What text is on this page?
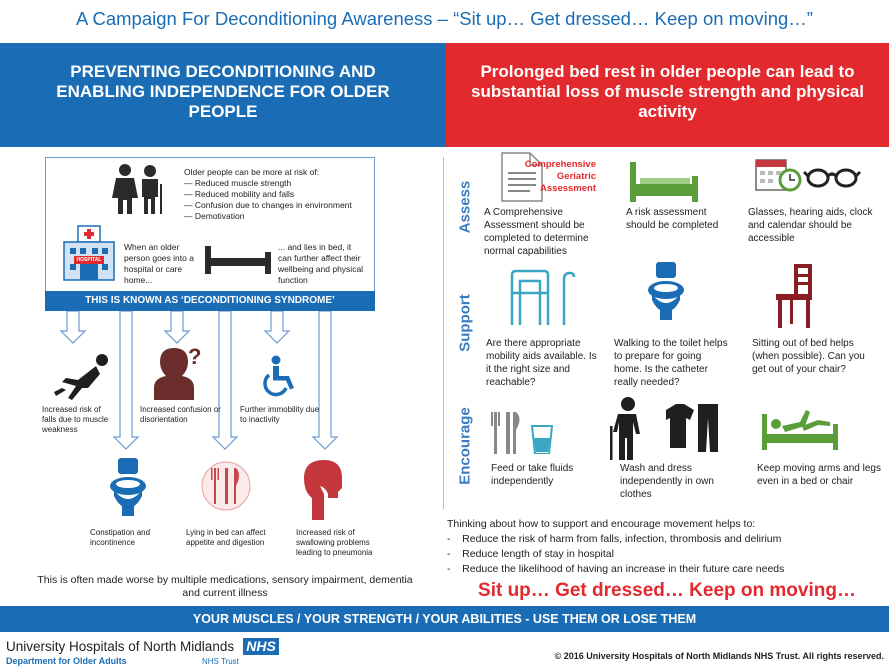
A Campaign For Deconditioning Awareness – “Sit up… Get dressed… Keep on moving…”
PREVENTING DECONDITIONING AND ENABLING INDEPENDENCE FOR OLDER PEOPLE
Prolonged bed rest in older people can lead to substantial loss of muscle strength and physical activity
Older people can be more at risk of:
— Reduced muscle strength
— Reduced mobility and falls
— Confusion due to changes in environment
— Demotivation
HOSPITAL
When an older person goes into a hospital or care home...
... and lies in bed, it can further affect their wellbeing and physical function
THIS IS KNOWN AS ‘DECONDITIONING SYNDROME’
Increased risk of falls due to muscle weakness
?
Increased confusion or disorientation
Further immobility due to inactivity
Constipation and incontinence
Lying in bed can affect appetite and digestion
Increased risk of swallowing problems leading to pneumonia
This is often made worse by multiple medications, sensory impairment, dementia and current illness
Assess
Support
Encourage
Comprehensive Geriatric Assessment
A Comprehensive Assessment should be completed to determine normal capabilities
A risk assessment should be completed
Glasses, hearing aids, clock and calendar should be accessible
Are there appropriate mobility aids available. Is it the right size and reachable?
Walking to the toilet helps to prepare for going home. Is the catheter really needed?
Sitting out of bed helps (when possible). Can you get out of your chair?
Feed or take fluids independently
Wash and dress independently in own clothes
Keep moving arms and legs even in a bed or chair
Thinking about how to support and encourage movement helps to:
-    Reduce the risk of harm from falls, infection, thrombosis and delirium
-    Reduce length of stay in hospital
-    Reduce the likelihood of having an increase in their future care needs
Sit up… Get dressed… Keep on moving…
YOUR MUSCLES / YOUR STRENGTH / YOUR ABILITIES - USE THEM OR LOSE THEM
University Hospitals of North Midlands NHS
Department for Older Adults	NHS Trust
© 2016 University Hospitals of North Midlands NHS Trust. All rights reserved.
